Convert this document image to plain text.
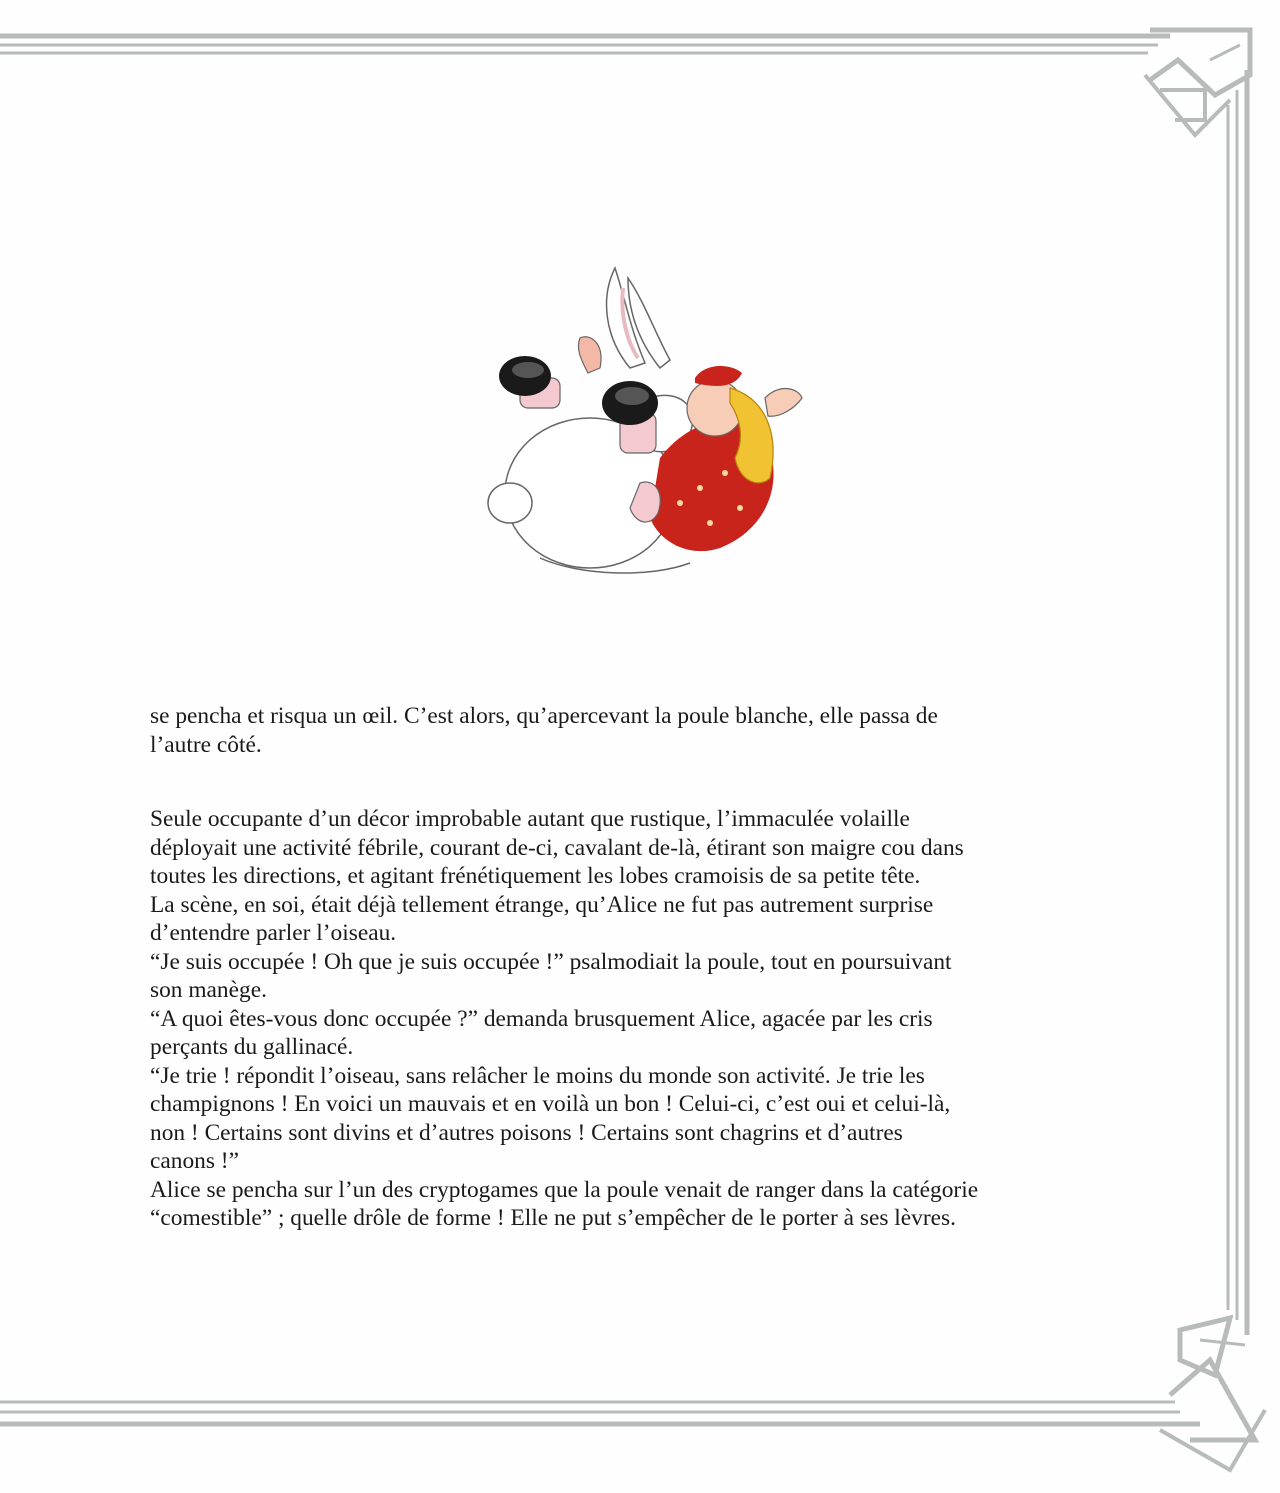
se pencha et risqua un œil. C’est alors, qu’apercevant la poule blanche, elle passa de
l’autre côté.

Seule occupante d’un décor improbable autant que rustique, l’immaculée volaille
déployait une activité fébrile, courant de-ci, cavalant de-là, étirant son maigre cou dans
toutes les directions, et agitant frénétiquement les lobes cramoisis de sa petite tête.
La scène, en soi, était déjà tellement étrange, qu’Alice ne fut pas autrement surprise
d’entendre parler l’oiseau.
“Je suis occupée ! Oh que je suis occupée !” psalmodiait la poule, tout en poursuivant
son manège.
“A quoi êtes-vous donc occupée ?” demanda brusquement Alice, agacée par les cris
perçants du gallinacé.
“Je trie ! répondit l’oiseau, sans relâcher le moins du monde son activité. Je trie les
champignons ! En voici un mauvais et en voilà un bon ! Celui-ci, c’est oui et celui-là,
non ! Certains sont divins et d’autres poisons ! Certains sont chagrins et d’autres
canons !”
Alice se pencha sur l’un des cryptogames que la poule venait de ranger dans la catégorie
“comestible” ; quelle drôle de forme ! Elle ne put s’empêcher de le porter à ses lèvres.
